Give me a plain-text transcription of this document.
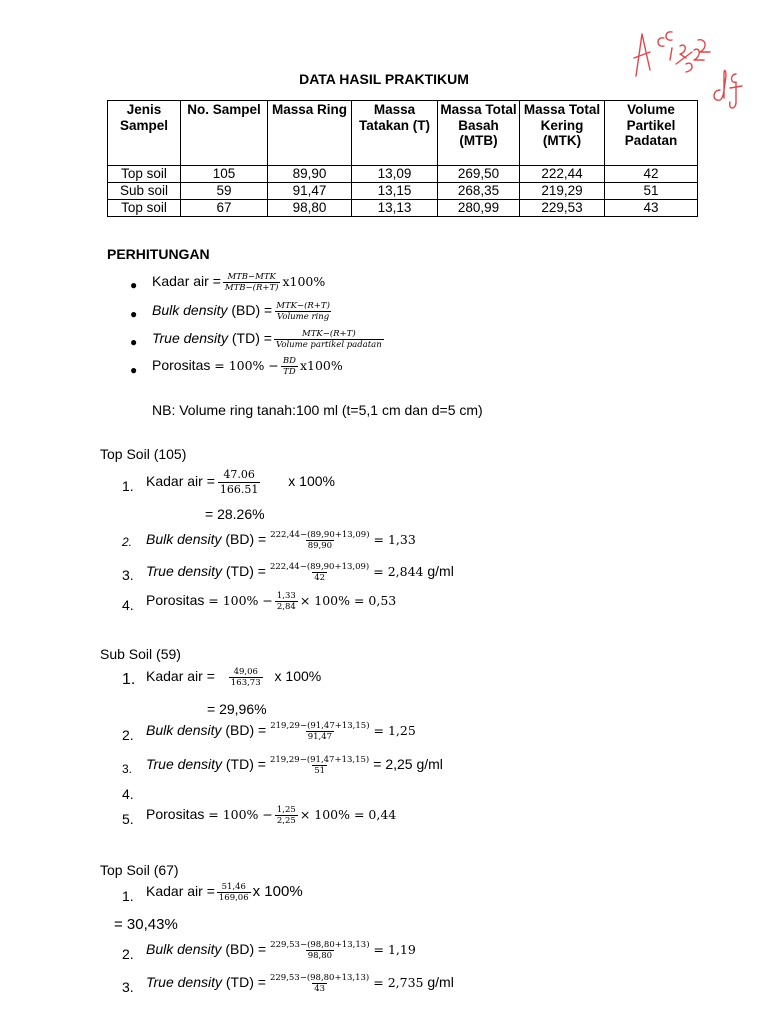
DATA HASIL PRAKTIKUM
Jenis Sampel	No. Sampel	Massa Ring	Massa Tatakan (T)	Massa Total Basah (MTB)	Massa Total Kering (MTK)	Volume Partikel Padatan
Top soil	105	89,90	13,09	269,50	222,44	42
Sub soil	59	91,47	13,15	268,35	219,29	51
Top soil	67	98,80	13,13	280,99	229,53	43
PERHITUNGAN
● Kadar air = $\frac{\text{MTB−MTK}}{\text{MTB−(R+T)}} x100\%$
● Bulk density $(BD) = \frac{\text{MTK−(R+T)}}{\text{Volume ring}}$
● True density $(TD) = \frac{\text{MTK−(R+T)}}{\text{Volume partikel padatan}}$
● Porositas = $100\% - \frac{BD}{TD} x100\%$
NB: Volume ring tanah:100 ml (t=5,1 cm dan d=5 cm)
Top Soil (105)
1. Kadar air = $\frac{47.06}{166.51}$ x 100%
= 28.26%
2. Bulk density $(BD) = \frac{222,44-(89,90+13,09)}{89,90} = 1,33$
3. True density $(TD) = \frac{222,44-(89,90+13,09)}{42} = 2,844$ g/ml
4. Porositas = $100\% - \frac{1,33}{2,84} \times 100\% = 0,53$
Sub Soil (59)
1. Kadar air = $\frac{49,06}{163,73}$ x 100%
= 29,96%
2. Bulk density $(BD) = \frac{219,29-(91,47+13,15)}{91,47} = 1,25$
3. True density $(TD) = \frac{219,29-(91,47+13,15)}{51} = 2,25$ g/ml
4.
5. Porositas = $100\% - \frac{1,25}{2,25} \times 100\% = 0,44$
Top Soil (67)
1. Kadar air = $\frac{51,46}{169,06}$ x 100%
= 30,43%
2. Bulk density $(BD) = \frac{229,53-(98,80+13,13)}{98,80} = 1,19$
3. True density $(TD) = \frac{229,53-(98,80+13,13)}{43} = 2,735$ g/ml
